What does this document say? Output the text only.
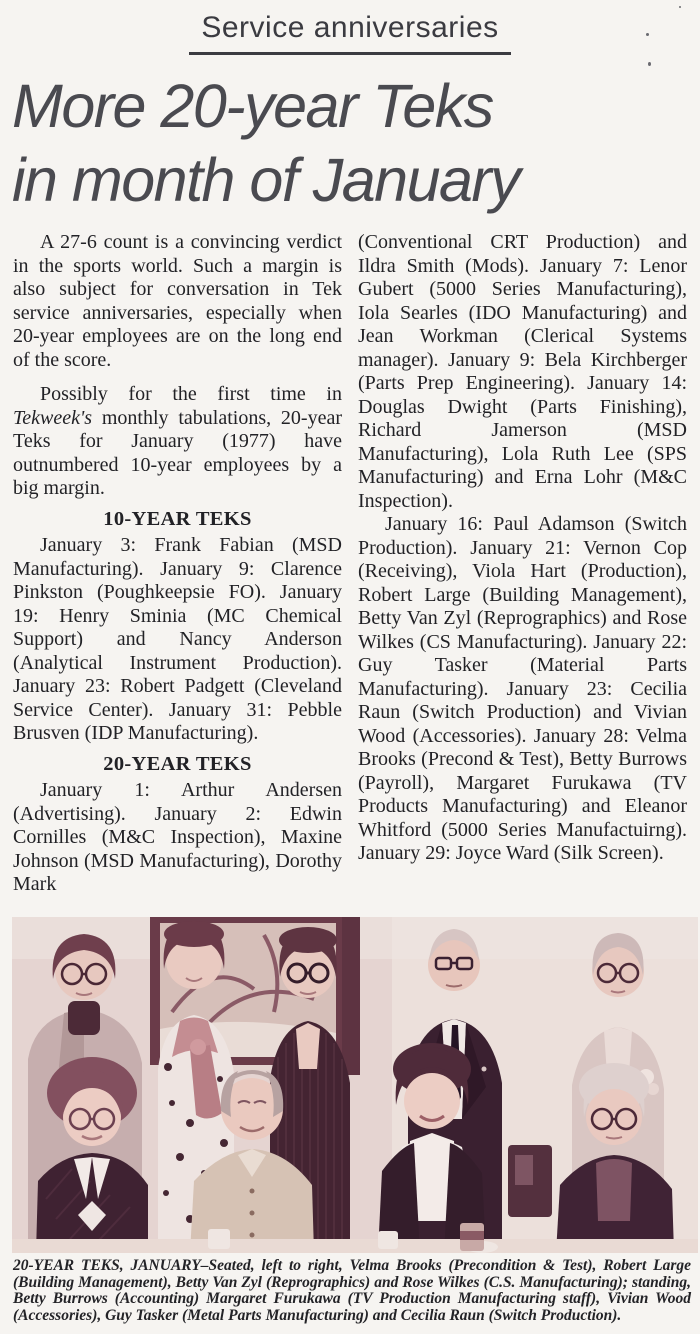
Service anniversaries
More 20-year Teks
in month of January

A 27-6 count is a convincing verdict in the sports world. Such a margin is also subject for conversation in Tek service anniversaries, especially when 20-year employees are on the long end of the score.

Possibly for the first time in Tekweek's monthly tabulations, 20-year Teks for January (1977) have outnumbered 10-year employees by a big margin.

10-YEAR TEKS

January 3: Frank Fabian (MSD Manufacturing). January 9: Clarence Pinkston (Poughkeepsie FO). January 19: Henry Sminia (MC Chemical Support) and Nancy Anderson (Analytical Instrument Production). January 23: Robert Padgett (Cleveland Service Center). January 31: Pebble Brusven (IDP Manufacturing).

20-YEAR TEKS

January 1: Arthur Andersen (Advertising). January 2: Edwin Cornilles (M&C Inspection), Maxine Johnson (MSD Manufacturing), Dorothy Mark

(Conventional CRT Production) and Ildra Smith (Mods). January 7: Lenor Gubert (5000 Series Manufacturing), Iola Searles (IDO Manufacturing) and Jean Workman (Clerical Systems manager). January 9: Bela Kirchberger (Parts Prep Engineering). January 14: Douglas Dwight (Parts Finishing), Richard Jamerson (MSD Manufacturing), Lola Ruth Lee (SPS Manufacturing) and Erna Lohr (M&C Inspection).

January 16: Paul Adamson (Switch Production). January 21: Vernon Cop (Receiving), Viola Hart (Production), Robert Large (Building Management), Betty Van Zyl (Reprographics) and Rose Wilkes (CS Manufacturing). January 22: Guy Tasker (Material Parts Manufacturing). January 23: Cecilia Raun (Switch Production) and Vivian Wood (Accessories). January 28: Velma Brooks (Precond & Test), Betty Burrows (Payroll), Margaret Furukawa (TV Products Manufacturing) and Eleanor Whitford (5000 Series Manufactuirng). January 29: Joyce Ward (Silk Screen).

20-YEAR TEKS, JANUARY–Seated, left to right, Velma Brooks (Precondition & Test), Robert Large (Building Management), Betty Van Zyl (Reprographics) and Rose Wilkes (C.S. Manufacturing); standing, Betty Burrows (Accounting) Margaret Furukawa (TV Production Manufacturing staff), Vivian Wood (Accessories), Guy Tasker (Metal Parts Manufacturing) and Cecilia Raun (Switch Production).
